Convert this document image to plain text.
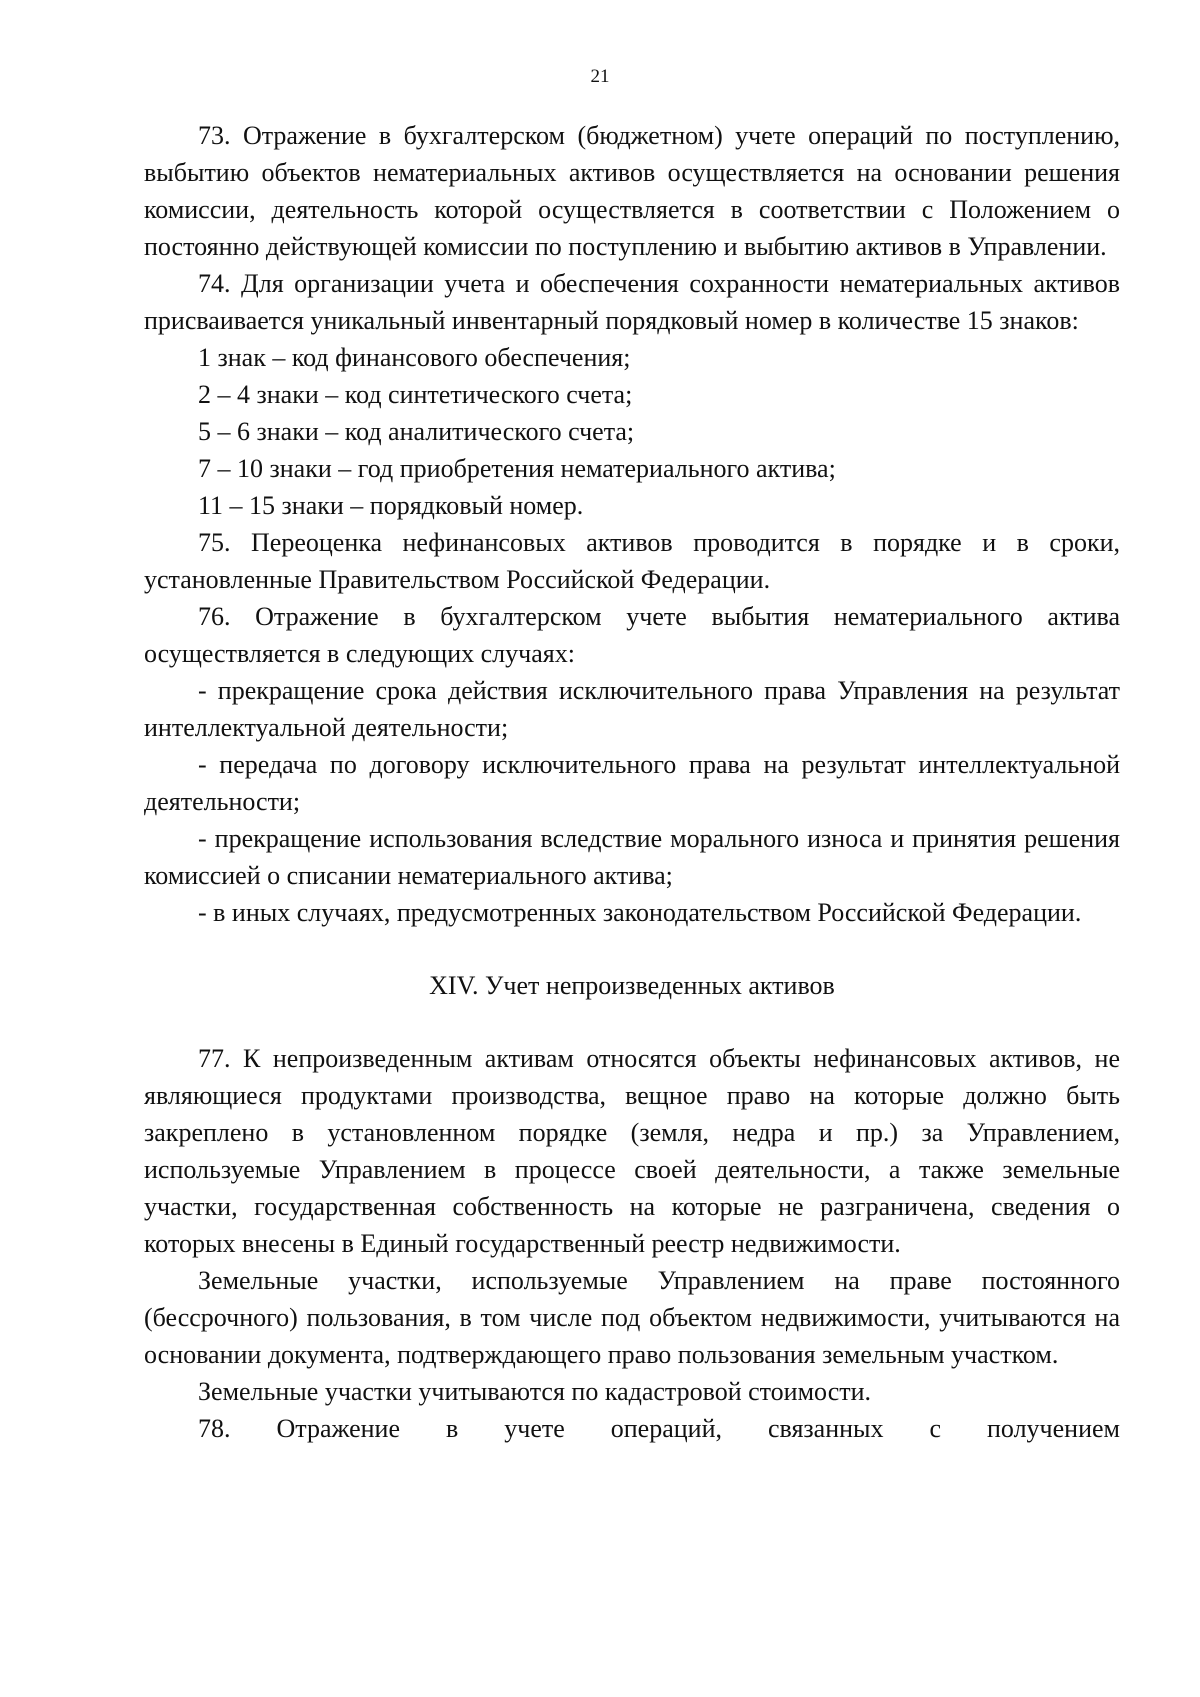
21

73. Отражение в бухгалтерском (бюджетном) учете операций по поступлению, выбытию объектов нематериальных активов осуществляется на основании решения комиссии, деятельность которой осуществляется в соответствии с Положением о постоянно действующей комиссии по поступлению и выбытию активов в Управлении.

74. Для организации учета и обеспечения сохранности нематериальных активов присваивается уникальный инвентарный порядковый номер в количестве 15 знаков:

1 знак – код финансового обеспечения;

2 – 4 знаки – код синтетического счета;

5 – 6 знаки – код аналитического счета;

7 – 10 знаки – год приобретения нематериального актива;

11 – 15 знаки – порядковый номер.

75. Переоценка нефинансовых активов проводится в порядке и в сроки, установленные Правительством Российской Федерации.

76. Отражение в бухгалтерском учете выбытия нематериального актива осуществляется в следующих случаях:

- прекращение срока действия исключительного права Управления на результат интеллектуальной деятельности;

- передача по договору исключительного права на результат интеллектуальной деятельности;

- прекращение использования вследствие морального износа и принятия решения комиссией о списании нематериального актива;

- в иных случаях, предусмотренных законодательством Российской Федерации.

XIV. Учет непроизведенных активов

77. К непроизведенным активам относятся объекты нефинансовых активов, не являющиеся продуктами производства, вещное право на которые должно быть закреплено в установленном порядке (земля, недра и пр.) за Управлением, используемые Управлением в процессе своей деятельности, а также земельные участки, государственная собственность на которые не разграничена, сведения о которых внесены в Единый государственный реестр недвижимости.

Земельные участки, используемые Управлением на праве постоянного (бессрочного) пользования, в том числе под объектом недвижимости, учитываются на основании документа, подтверждающего право пользования земельным участком.

Земельные участки учитываются по кадастровой стоимости.

78. Отражение в учете операций, связанных с получением
